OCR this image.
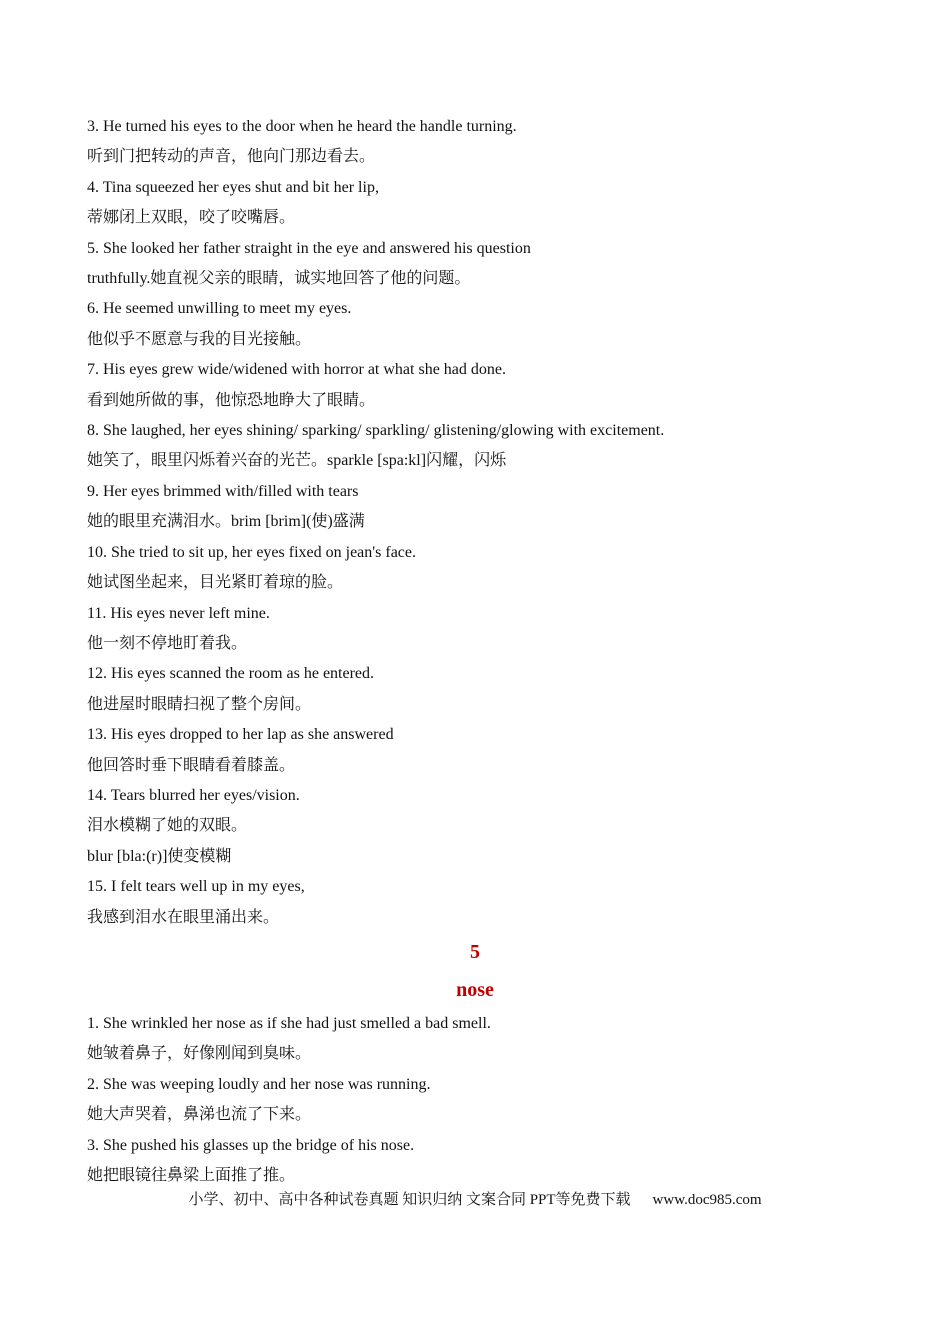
3. He turned his eyes to the door when he heard the handle turning.
听到门把转动的声音，他向门那边看去。
4. Tina squeezed her eyes shut and bit her lip,
蒂娜闭上双眼，咬了咬嘴唇。
5. She looked her father straight in the eye and answered his question
truthfully.她直视父亲的眼睛，诚实地回答了他的问题。
6. He seemed unwilling to meet my eyes.
他似乎不愿意与我的目光接触。
7. His eyes grew wide/widened with horror at what she had done.
看到她所做的事，他惊恐地睁大了眼睛。
8. She laughed, her eyes shining/ sparking/ sparkling/ glistening/glowing with excitement.
她笑了，眼里闪烁着兴奋的光芒。sparkle [spa:kl]闪耀，闪烁
9. Her eyes brimmed with/filled with tears
她的眼里充满泪水。brim [brim](使)盛满
10. She tried to sit up, her eyes fixed on jean's face.
她试图坐起来，目光紧盯着琼的脸。
11. His eyes never left mine.
他一刻不停地盯着我。
12. His eyes scanned the room as he entered.
他进屋时眼睛扫视了整个房间。
13. His eyes dropped to her lap as she answered
他回答时垂下眼睛看着膝盖。
14. Tears blurred her eyes/vision.
泪水模糊了她的双眼。
blur [bla:(r)]使变模糊
15. I felt tears well up in my eyes,
我感到泪水在眼里涌出来。
5
nose
1. She wrinkled her nose as if she had just smelled a bad smell.
她皱着鼻子，好像刚闻到臭味。
2. She was weeping loudly and her nose was running.
她大声哭着，鼻涕也流了下来。
3. She pushed his glasses up the bridge of his nose.
她把眼镜往鼻梁上面推了推。
小学、初中、高中各种试卷真题 知识归纳 文案合同 PPT等免费下载 www.doc985.com
